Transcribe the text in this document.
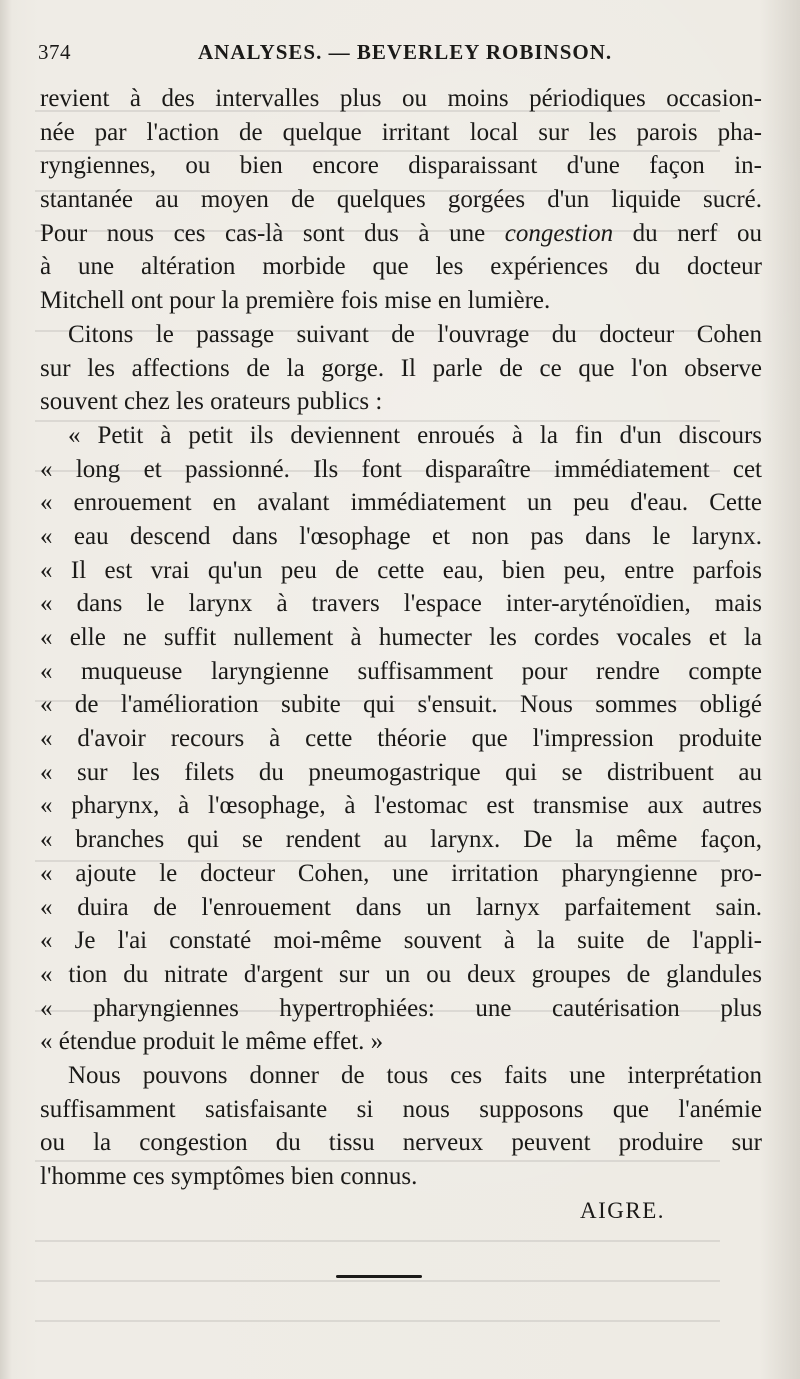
374	ANALYSES. — BEVERLEY ROBINSON.
revient à des intervalles plus ou moins périodiques occasion-
née par l'action de quelque irritant local sur les parois pha-
ryngiennes, ou bien encore disparaissant d'une façon in-
stantanée au moyen de quelques gorgées d'un liquide sucré.
Pour nous ces cas-là sont dus à une congestion du nerf ou
à une altération morbide que les expériences du docteur
Mitchell ont pour la première fois mise en lumière.
Citons le passage suivant de l'ouvrage du docteur Cohen
sur les affections de la gorge. Il parle de ce que l'on observe
souvent chez les orateurs publics :
« Petit à petit ils deviennent enroués à la fin d'un discours
« long et passionné. Ils font disparaître immédiatement cet
« enrouement en avalant immédiatement un peu d'eau. Cette
« eau descend dans l'œsophage et non pas dans le larynx.
« Il est vrai qu'un peu de cette eau, bien peu, entre parfois
« dans le larynx à travers l'espace inter-aryténoïdien, mais
« elle ne suffit nullement à humecter les cordes vocales et la
« muqueuse laryngienne suffisamment pour rendre compte
« de l'amélioration subite qui s'ensuit. Nous sommes obligé
« d'avoir recours à cette théorie que l'impression produite
« sur les filets du pneumogastrique qui se distribuent au
« pharynx, à l'œsophage, à l'estomac est transmise aux autres
« branches qui se rendent au larynx. De la même façon,
« ajoute le docteur Cohen, une irritation pharyngienne pro-
« duira de l'enrouement dans un larnyx parfaitement sain.
« Je l'ai constaté moi-même souvent à la suite de l'appli-
« tion du nitrate d'argent sur un ou deux groupes de glandules
« pharyngiennes hypertrophiées: une cautérisation plus
« étendue produit le même effet. »
Nous pouvons donner de tous ces faits une interprétation
suffisamment satisfaisante si nous supposons que l'anémie
ou la congestion du tissu nerveux peuvent produire sur
l'homme ces symptômes bien connus.
AIGRE.
